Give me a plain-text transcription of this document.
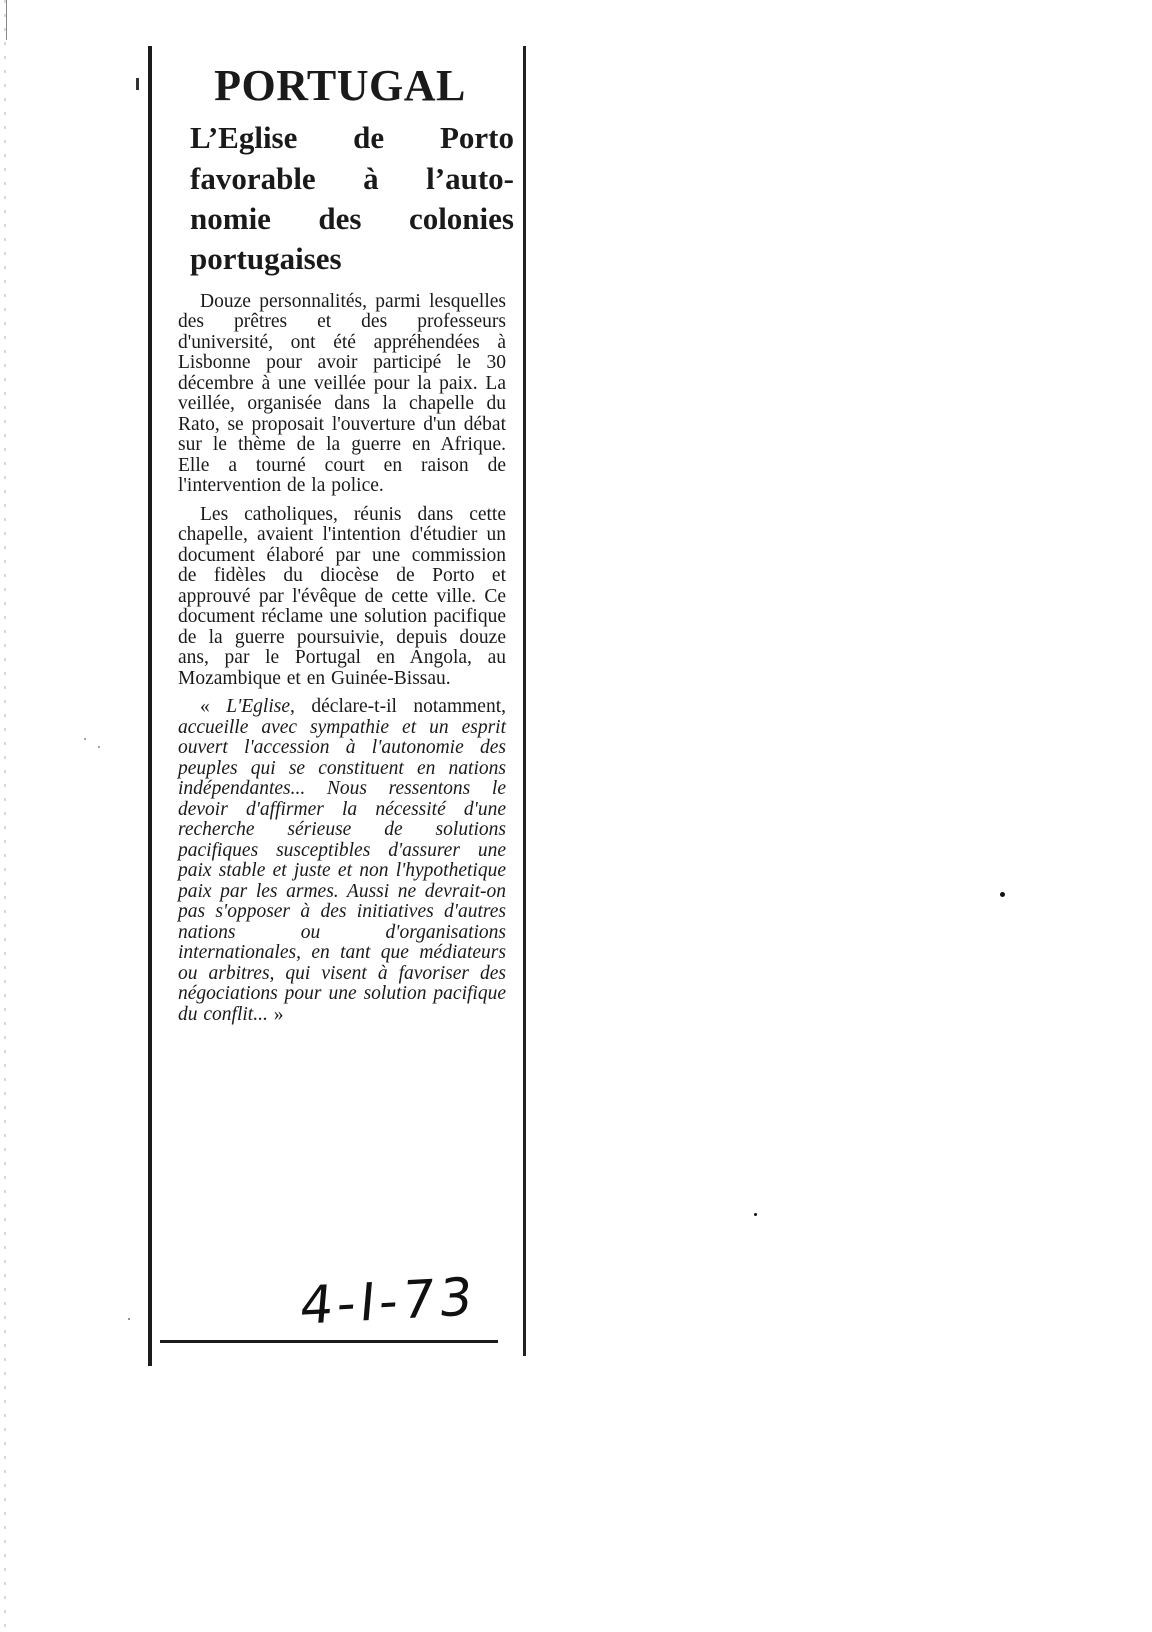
PORTUGAL
L’Eglise de Porto
favorable à l’auto-
nomie des colonies
portugaises

Douze personnalités, parmi lesquelles des prêtres et des professeurs d'université, ont été appréhendées à Lisbonne pour avoir participé le 30 décembre à une veillée pour la paix. La veillée, organisée dans la chapelle du Rato, se proposait l'ouverture d'un débat sur le thème de la guerre en Afrique. Elle a tourné court en raison de l'intervention de la police.

Les catholiques, réunis dans cette chapelle, avaient l'intention d'étudier un document élaboré par une commission de fidèles du diocèse de Porto et approuvé par l'évêque de cette ville. Ce document réclame une solution pacifique de la guerre poursuivie, depuis douze ans, par le Portugal en Angola, au Mozambique et en Guinée-Bissau.

« L'Eglise, déclare-t-il notamment, accueille avec sympathie et un esprit ouvert l'accession à l'autonomie des peuples qui se constituent en nations indépendantes... Nous ressentons le devoir d'affirmer la nécessité d'une recherche sérieuse de solutions pacifiques susceptibles d'assurer une paix stable et juste et non l'hypothetique paix par les armes. Aussi ne devrait-on pas s'opposer à des initiatives d'autres nations ou d'organisations internationales, en tant que médiateurs ou arbitres, qui visent à favoriser des négociations pour une solution pacifique du conflit... »

4-I-73
